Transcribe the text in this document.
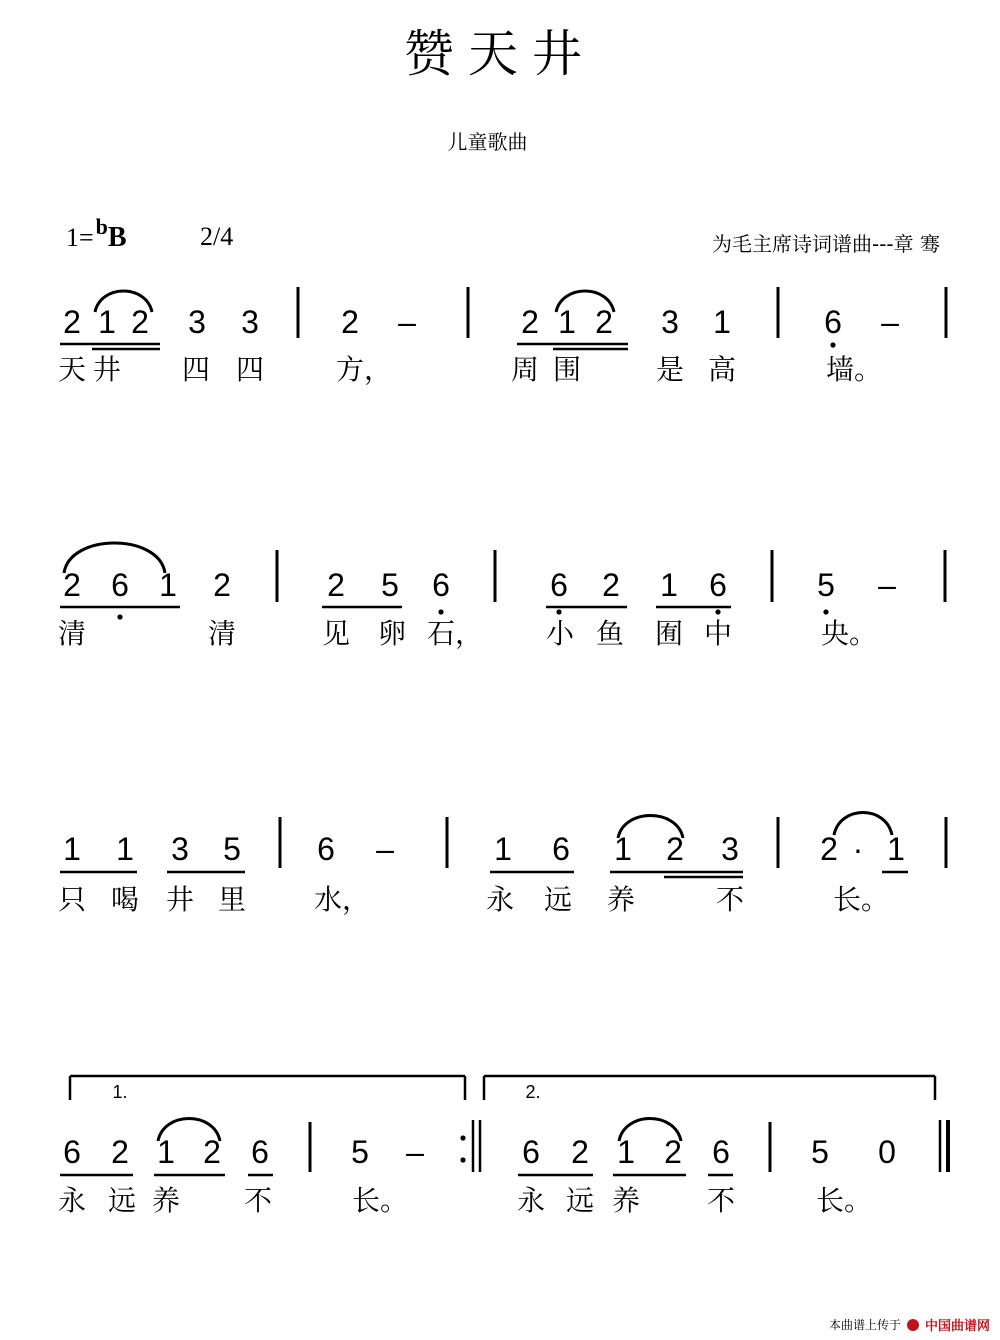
赞天井
儿童歌曲
1=$^b$B	2/4	为毛主席诗词谱曲---章 骞
2 1 2 3 3	2 –	2 1 2 3 1	6 –
天 井 四 四	方，	周 围	是 高	墙。
2 6 1 2	2 5 6	6 2 1 6	5 –
清	清	见 卵 石， 小 鱼 囿 中	央。
1 1 3 5 6 –	1 6 1 2 3	2 · 1
只 喝 井 里 水，	永 远 养	不	长。
6 2 1 2 6	5 –	6 2 1 2 6	5 0
永 远 养 不	长。	永 远 养 不	长。
1.	2.
本曲谱上传于 中国曲谱网
